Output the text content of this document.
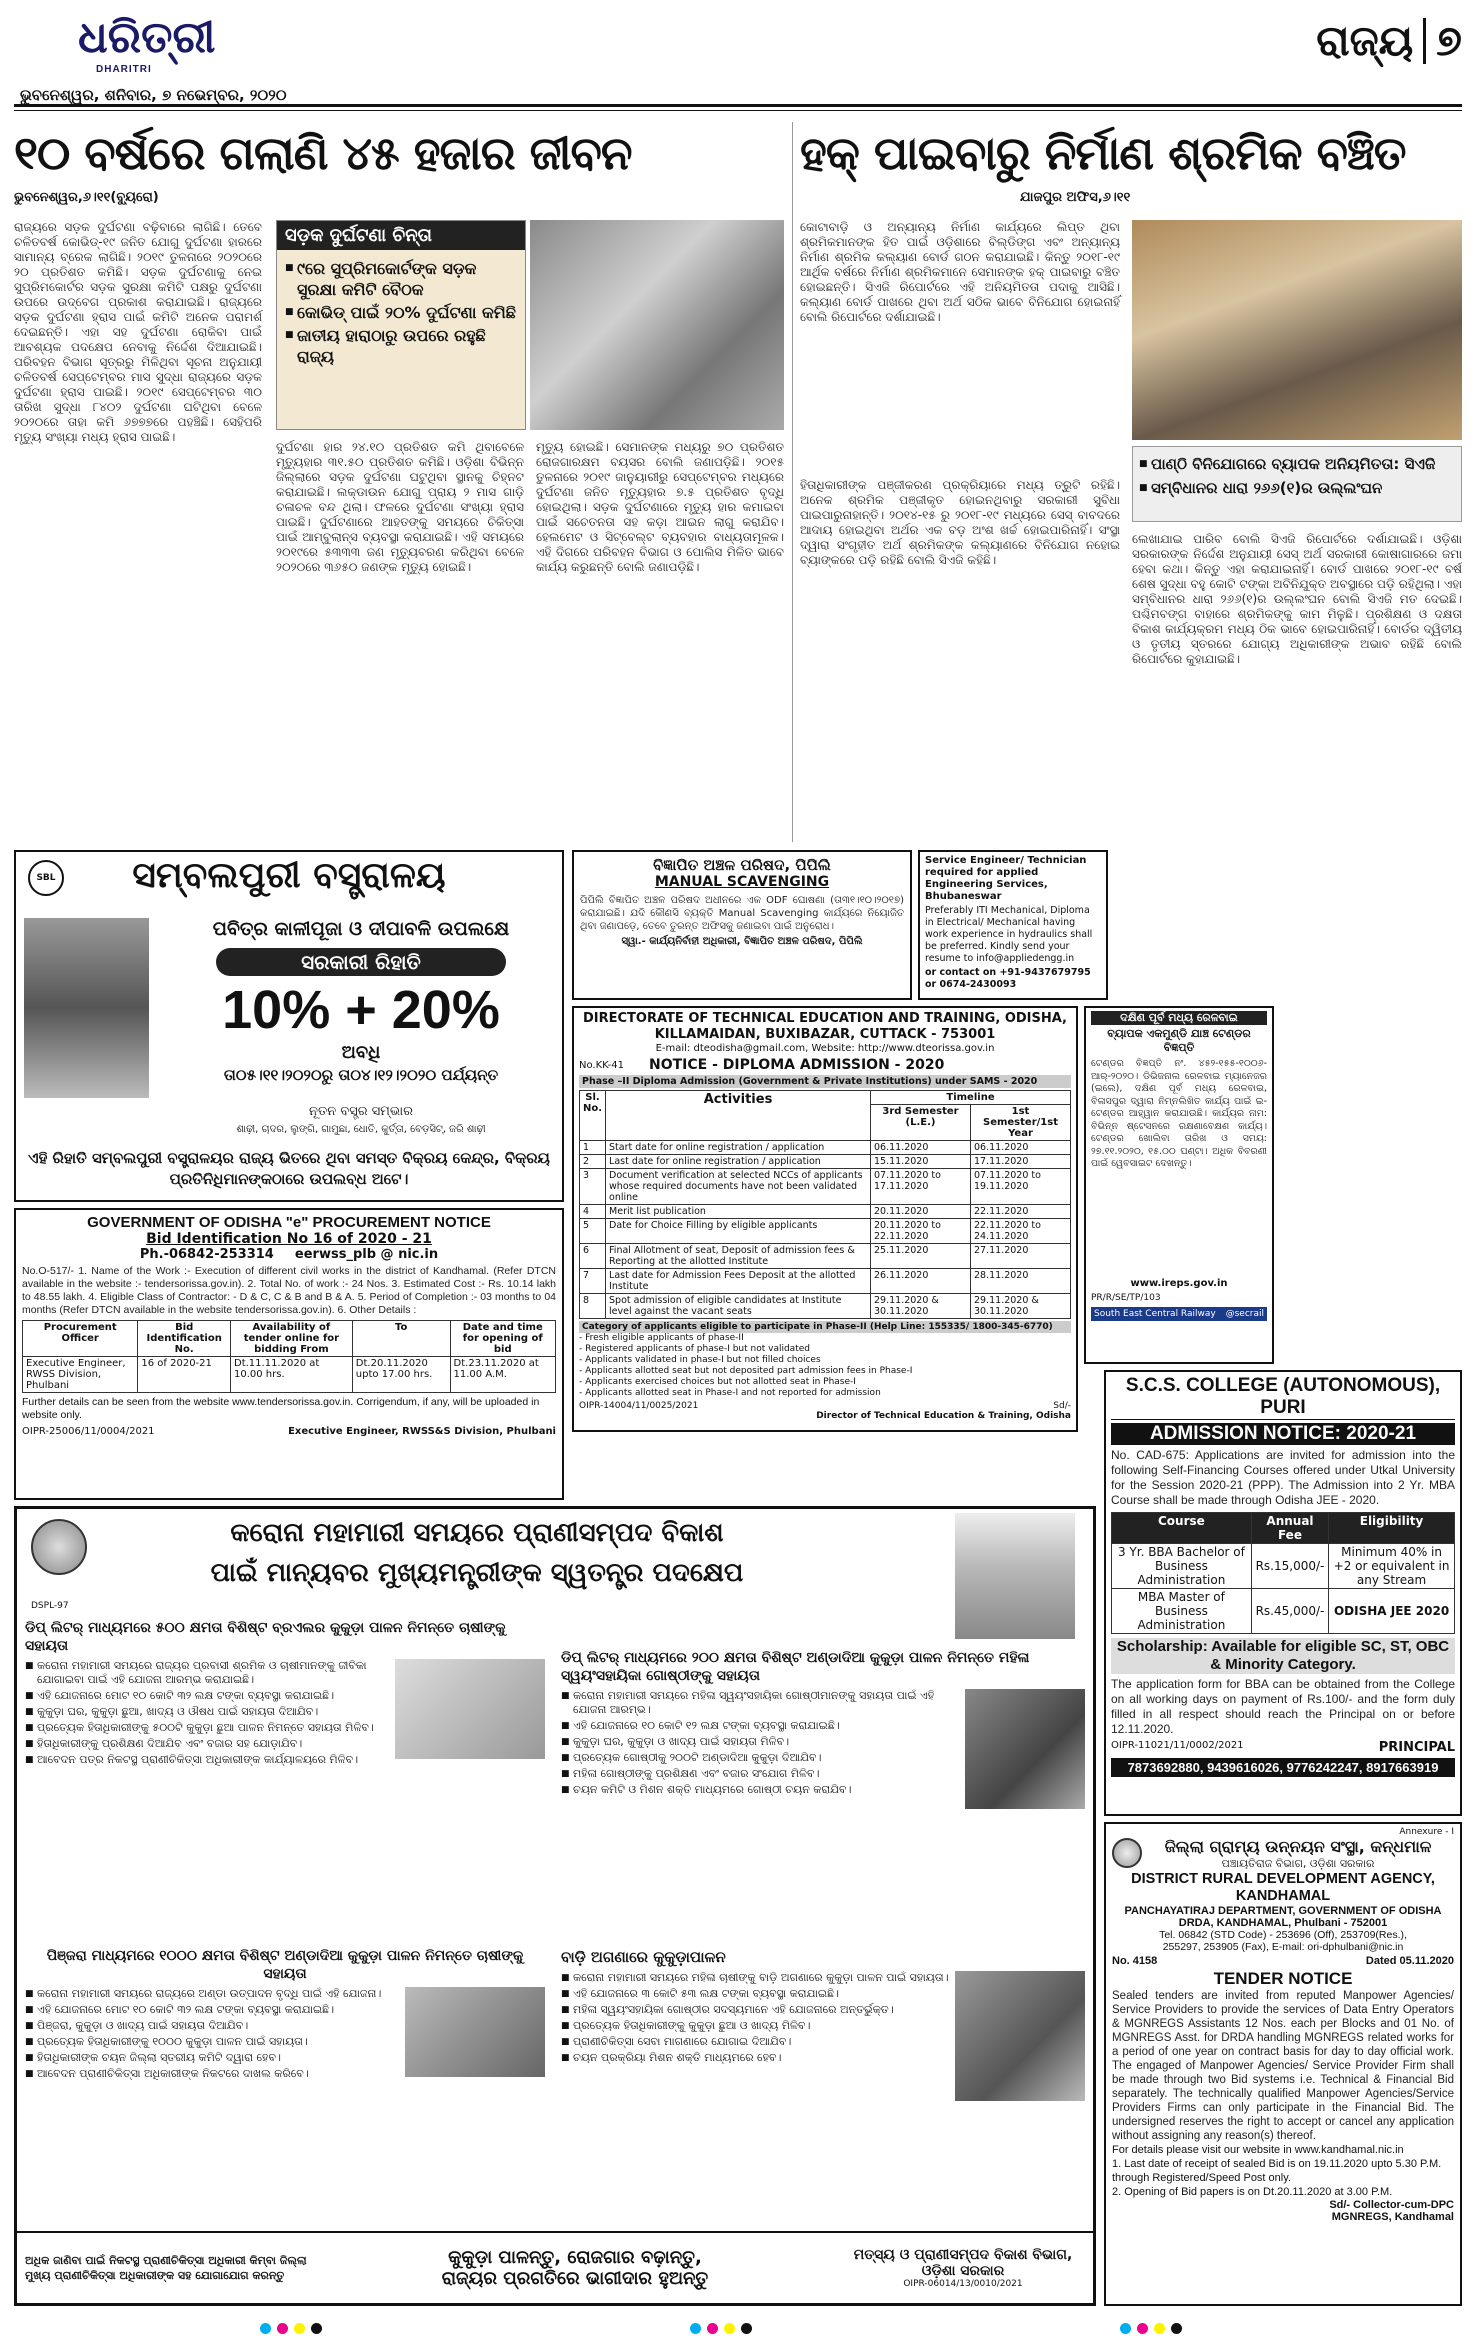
ଧରିତ୍ରୀ
DHARITRI
ଭୁବନେଶ୍ୱର, ଶନିବାର, ୭ ନଭେମ୍ବର, ୨୦୨୦
ରାଜ୍ୟ ୭
୧୦ ବର୍ଷରେ ଗଲାଣି ୪୫ ହଜାର ଜୀବନ
ଭୁବନେଶ୍ୱର,୬।୧୧(ବ୍ୟୁରୋ)
ରାଜ୍ୟରେ ସଡ଼କ ଦୁର୍ଘଟଣା ବଢ଼ିବାରେ ଲାଗିଛି। ତେବେ ଚଳିତବର୍ଷ କୋଭିଡ୍-୧୯ ଜନିତ ଯୋଗୁ ଦୁର୍ଘଟଣା ହାରରେ ସାମାନ୍ୟ ବ୍ରେକ ଲାଗିଛି। ୨୦୧୯ ତୁଳନାରେ ୨୦୨୦ରେ ୨୦ ପ୍ରତିଶତ କମିଛି। ସଡ଼କ ଦୁର୍ଘଟଣାକୁ ନେଇ ସୁପ୍ରିମକୋର୍ଟର ସଡ଼କ ସୁରକ୍ଷା କମିଟି ପକ୍ଷରୁ ଦୁର୍ଘଟଣା ଉପରେ ଉଦ୍‌ବେଗ ପ୍ରକାଶ କରାଯାଇଛି। ରାଜ୍ୟରେ ସଡ଼କ ଦୁର୍ଘଟଣା ହ୍ରାସ ପାଇଁ କମିଟି ଅନେକ ପରାମର୍ଶ ଦେଇଛନ୍ତି। ଏହା ସହ ଦୁର୍ଘଟଣା ରୋକିବା ପାଇଁ ଆବଶ୍ୟକ ପଦକ୍ଷେପ ନେବାକୁ ନିର୍ଦ୍ଦେଶ ଦିଆଯାଇଛି। ପରିବହନ ବିଭାଗ ସୂତ୍ରରୁ ମିଳିଥିବା ସୂଚନା ଅନୁଯାୟୀ ଚଳିତବର୍ଷ ସେପ୍ଟେମ୍ବର ମାସ ସୁଦ୍ଧା ରାଜ୍ୟରେ ସଡ଼କ ଦୁର୍ଘଟଣା ହ୍ରାସ ପାଇଛି। ୨୦୧୯ ସେପ୍ଟେମ୍ବର ୩୦ ତାରିଖ ସୁଦ୍ଧା ୮୪୦୨ ଦୁର୍ଘଟଣା ଘଟିଥିବା ବେଳେ ୨୦୨୦ରେ ତାହା କମି ୬୭୭୭ରେ ପହଞ୍ଚିଛି। ସେହିପରି ମୃତ୍ୟୁ ସଂଖ୍ୟା ମଧ୍ୟ ହ୍ରାସ ପାଇଛି।
ସଡ଼କ ଦୁର୍ଘଟଣା ଚିନ୍ତା
■ ୯ରେ ସୁପ୍ରିମକୋର୍ଟଙ୍କ ସଡ଼କ ସୁରକ୍ଷା କମିଟି ବୈଠକ
■ କୋଭିଡ୍ ପାଇଁ ୨୦% ଦୁର୍ଘଟଣା କମିଛି
■ ଜାତୀୟ ହାରାଠାରୁ ଉପରେ ରହୁଛି ରାଜ୍ୟ
ଦୁର୍ଘଟଣା ହାର ୨୪.୧୦ ପ୍ରତିଶତ କମି ଥିବାବେଳେ ମୃତ୍ୟୁହାର ୩୧.୫୦ ପ୍ରତିଶତ କମିଛି। ଓଡ଼ିଶା ବିଭିନ୍ନ ଜିଲ୍ଲାରେ ସଡ଼କ ଦୁର୍ଘଟଣା ଘଟୁଥିବା ସ୍ଥାନକୁ ଚିହ୍ନଟ କରାଯାଇଛି। ଲକ୍‌ଡାଉନ ଯୋଗୁ ପ୍ରାୟ ୨ ମାସ ଗାଡ଼ି ଚଳାଚଳ ବନ୍ଦ ଥିଲା। ଫଳରେ ଦୁର୍ଘଟଣା ସଂଖ୍ୟା ହ୍ରାସ ପାଇଛି। ଦୁର୍ଘଟଣାରେ ଆହତଙ୍କୁ ସମୟରେ ଚିକିତ୍ସା ପାଇଁ ଆମ୍ବୁଲାନ୍ସ ବ୍ୟବସ୍ଥା କରାଯାଇଛି। ଏହି ସମୟରେ ୨୦୧୯ରେ ୫୩୩୩ ଜଣ ମୃତ୍ୟୁବରଣ କରିଥିବା ବେଳେ ୨୦୨୦ରେ ୩୬୫୦ ଜଣଙ୍କ ମୃତ୍ୟୁ ହୋଇଛି।
ମୃତ୍ୟୁ ହୋଇଛି। ସେମାନଙ୍କ ମଧ୍ୟରୁ ୭୦ ପ୍ରତିଶତ ରୋଜଗାରକ୍ଷମ ବୟସର ବୋଲି ଜଣାପଡ଼ିଛି। ୨୦୧୫ ତୁଳନାରେ ୨୦୧୯ ଜାନୁୟାରୀରୁ ସେପ୍ଟେମ୍ବର ମଧ୍ୟରେ ଦୁର୍ଘଟଣା ଜନିତ ମୃତ୍ୟୁହାର ୭.୫ ପ୍ରତିଶତ ବୃଦ୍ଧି ହୋଇଥିଲା। ସଡ଼କ ଦୁର୍ଘଟଣାରେ ମୃତ୍ୟୁ ହାର କମାଇବା ପାଇଁ ସଚେତନତା ସହ କଡ଼ା ଆଇନ ଲାଗୁ କରାଯିବ। ହେଲମେଟ ଓ ସିଟ୍‌ବେଲ୍ଟ ବ୍ୟବହାର ବାଧ୍ୟତାମୂଳକ। ଏହି ଦିଗରେ ପରିବହନ ବିଭାଗ ଓ ପୋଲିସ ମିଳିତ ଭାବେ କାର୍ଯ୍ୟ କରୁଛନ୍ତି ବୋଲି ଜଣାପଡ଼ିଛି।
ହକ୍ ପାଇବାରୁ ନିର୍ମାଣ ଶ୍ରମିକ ବଞ୍ଚିତ
ଯାଜପୁର ଅଫିସ,୬।୧୧
କୋଟାବାଡ଼ି ଓ ଅନ୍ୟାନ୍ୟ ନିର୍ମାଣ କାର୍ଯ୍ୟରେ ଲିପ୍ତ ଥିବା ଶ୍ରମିକମାନଙ୍କ ହିତ ପାଇଁ ଓଡ଼ିଶାରେ ବିଲ୍ଡିଙ୍ଗ ଏବଂ ଅନ୍ୟାନ୍ୟ ନିର୍ମାଣ ଶ୍ରମିକ କଲ୍ୟାଣ ବୋର୍ଡ ଗଠନ କରାଯାଇଛି। କିନ୍ତୁ ୨୦୧୮-୧୯ ଆର୍ଥିକ ବର୍ଷରେ ନିର୍ମାଣ ଶ୍ରମିକମାନେ ସେମାନଙ୍କ ହକ୍ ପାଇବାରୁ ବଞ୍ଚିତ ହୋଇଛନ୍ତି। ସିଏଜି ରିପୋର୍ଟରେ ଏହି ଅନିୟମିତତା ପଦାକୁ ଆସିଛି। କଲ୍ୟାଣ ବୋର୍ଡ ପାଖରେ ଥିବା ଅର୍ଥ ସଠିକ ଭାବେ ବିନିଯୋଗ ହୋଇନାହିଁ ବୋଲି ରିପୋର୍ଟରେ ଦର୍ଶାଯାଇଛି।
■ ପାଣ୍ଠି ବିନିଯୋଗରେ ବ୍ୟାପକ ଅନିୟମିତତା: ସିଏଜି
■ ସମ୍ବିଧାନର ଧାରା ୨୬୬(୧)ର ଉଲ୍ଲଂଘନ
ହିତାଧିକାରୀଙ୍କ ପଞ୍ଜୀକରଣ ପ୍ରକ୍ରିୟାରେ ମଧ୍ୟ ତ୍ରୁଟି ରହିଛି। ଅନେକ ଶ୍ରମିକ ପଞ୍ଜୀକୃତ ହୋଇନଥିବାରୁ ସରକାରୀ ସୁବିଧା ପାଇପାରୁନାହାନ୍ତି। ୨୦୧୪-୧୫ ରୁ ୨୦୧୮-୧୯ ମଧ୍ୟରେ ସେସ୍ ବାବଦରେ ଆଦାୟ ହୋଇଥିବା ଅର୍ଥର ଏକ ବଡ଼ ଅଂଶ ଖର୍ଚ୍ଚ ହୋଇପାରିନାହିଁ। ସଂସ୍ଥା ଦ୍ୱାରା ସଂଗୃହୀତ ଅର୍ଥ ଶ୍ରମିକଙ୍କ କଲ୍ୟାଣରେ ବିନିଯୋଗ ନହୋଇ ବ୍ୟାଙ୍କରେ ପଡ଼ି ରହିଛି ବୋଲି ସିଏଜି କହିଛି।
ଲେଖାଯାଇ ପାରିବ ବୋଲି ସିଏଜି ରିପୋର୍ଟରେ ଦର୍ଶାଯାଇଛି। ଓଡ଼ିଶା ସରକାରଙ୍କ ନିର୍ଦ୍ଦେଶ ଅନୁଯାୟୀ ସେସ୍ ଅର୍ଥ ସରକାରୀ କୋଷାଗାରରେ ଜମା ହେବା କଥା। କିନ୍ତୁ ଏହା କରାଯାଇନାହିଁ। ବୋର୍ଡ ପାଖରେ ୨୦୧୮-୧୯ ବର୍ଷ ଶେଷ ସୁଦ୍ଧା ବହୁ କୋଟି ଟଙ୍କା ଅବିନିଯୁକ୍ତ ଅବସ୍ଥାରେ ପଡ଼ି ରହିଥିଲା। ଏହା ସମ୍ବିଧାନର ଧାରା ୨୬୬(୧)ର ଉଲ୍ଲଂଘନ ବୋଲି ସିଏଜି ମତ ଦେଇଛି। ପଶ୍ଚିମବଙ୍ଗ ବାହାରେ ଶ୍ରମିକଙ୍କୁ କାମ ମିଳୁଛି। ପ୍ରଶିକ୍ଷଣ ଓ ଦକ୍ଷତା ବିକାଶ କାର୍ଯ୍ୟକ୍ରମ ମଧ୍ୟ ଠିକ ଭାବେ ହୋଇପାରିନାହିଁ। ବୋର୍ଡର ଦ୍ୱିତୀୟ ଓ ତୃତୀୟ ସ୍ତରରେ ଯୋଗ୍ୟ ଅଧିକାରୀଙ୍କ ଅଭାବ ରହିଛି ବୋଲି ରିପୋର୍ଟରେ କୁହାଯାଇଛି।
SBL	ସମ୍ବଲପୁରୀ ବସ୍ତ୍ରାଳୟ
ପବିତ୍ର କାଳୀପୂଜା ଓ ଦୀପାବଳି ଉପଲକ୍ଷେ
ସରକାରୀ ରିହାତି
10% + 20%
ଅବଧି
ତା୦୫।୧୧।୨୦୨୦ରୁ ତା୦୪।୧୨।୨୦୨୦ ପର୍ଯ୍ୟନ୍ତ
ନୂତନ ବସ୍ତ୍ର ସମ୍ଭାର
ଶାଢ଼ୀ, ଚାଦର, ଲୁଙ୍ଗି, ଗାମୁଛା, ଧୋତି, କୁର୍ତ୍ତା, ବେଡ଼ସିଟ୍, ଜରି ଶାଢ଼ୀ
ଏହି ରିହାତି ସମ୍ବଲପୁରୀ ବସ୍ତ୍ରାଳୟର ରାଜ୍ୟ ଭିତରେ ଥିବା ସମସ୍ତ ବିକ୍ରୟ କେନ୍ଦ୍ର, ବିକ୍ରୟ ପ୍ରତିନିଧିମାନଙ୍କଠାରେ ଉପଲବ୍ଧ ଅଟେ।
ବିଜ୍ଞାପିତ ଅଞ୍ଚଳ ପରିଷଦ, ପିପିଲି
MANUAL SCAVENGING
ପିପିଲି ବିଜ୍ଞାପିତ ଅଞ୍ଚଳ ପରିଷଦ ଅଧୀନରେ ଏକ ODF ଘୋଷଣା (ତା୩୧।୧୦।୨୦୧୭) କରାଯାଇଛି। ଯଦି କୌଣସି ବ୍ୟକ୍ତି Manual Scavenging କାର୍ଯ୍ୟରେ ନିୟୋଜିତ ଥିବା ଜଣାପଡ଼େ, ତେବେ ତୁରନ୍ତ ଅଫିସକୁ ଜଣାଇବା ପାଇଁ ଅନୁରୋଧ।
ସ୍ୱା.- କାର୍ଯ୍ୟନିର୍ବାହୀ ଅଧିକାରୀ, ବିଜ୍ଞାପିତ ଅଞ୍ଚଳ ପରିଷଦ, ପିପିଲି
Service Engineer/ Technician required for applied Engineering Services, Bhubaneswar
Preferably ITI Mechanical, Diploma in Electrical/ Mechanical having work experience in hydraulics shall be preferred. Kindly send your resume to info@appliedengg.in
or contact on +91-9437679795 or 0674-2430093
DIRECTORATE OF TECHNICAL EDUCATION AND TRAINING, ODISHA, KILLAMAIDAN, BUXIBAZAR, CUTTACK - 753001
E-mail: dteodisha@gmail.com, Website: http://www.dteorissa.gov.in
No.KK-41	NOTICE - DIPLOMA ADMISSION - 2020
Phase –II Diploma Admission (Government & Private Institutions) under SAMS - 2020
Sl. No.	Activities	Timeline	
		3rd Semester (L.E.)	1st Semester/1st Year
1	Start date for online registration / application	06.11.2020	06.11.2020
2	Last date for online registration / application	15.11.2020	17.11.2020
3	Document verification at selected NCCs of applicants whose required documents have not been validated online	07.11.2020 to 17.11.2020	07.11.2020 to 19.11.2020
4	Merit list publication	20.11.2020	22.11.2020
5	Date for Choice Filling by eligible applicants	20.11.2020 to 22.11.2020	22.11.2020 to 24.11.2020
6	Final Allotment of seat, Deposit of admission fees & Reporting at the allotted Institute	25.11.2020	27.11.2020
7	Last date for Admission Fees Deposit at the allotted Institute	26.11.2020	28.11.2020
8	Spot admission of eligible candidates at Institute level against the vacant seats	29.11.2020 & 30.11.2020	29.11.2020 & 30.11.2020
Category of applicants eligible to participate in Phase-II (Help Line: 155335/ 1800-345-6770)
- Fresh eligible applicants of phase-II
- Registered applicants of phase-I but not validated
- Applicants validated in phase-I but not filled choices
- Applicants allotted seat but not deposited part admission fees in Phase-I
- Applicants exercised choices but not allotted seat in Phase-I
- Applicants allotted seat in Phase-I and not reported for admission
OIPR-14004/11/0025/2021	Sd/-
Director of Technical Education & Training, Odisha
ଦକ୍ଷିଣ ପୂର୍ବ ମଧ୍ୟ ରେଳବାଇ
ବ୍ୟାପକ ଏକମୁଣ୍ଡି ଯାଞ୍ଚ ଟେଣ୍ଡର ବିଜ୍ଞପ୍ତି
ଟେଣ୍ଡର ବିଜ୍ଞପ୍ତି ନଂ. ୪୫୨-୧୫୫-୧୦୦୬-ଆର୍-୨୦୨୦। ଡିଭିଜନାଲ ରେଳବାଇ ମ୍ୟାନେଜର (ଇଲେ), ଦକ୍ଷିଣ ପୂର୍ବ ମଧ୍ୟ ରେଳବାଇ, ବିଳାସପୁର ଦ୍ୱାରା ନିମ୍ନଲିଖିତ କାର୍ଯ୍ୟ ପାଇଁ ଇ-ଟେଣ୍ଡର ଆହ୍ୱାନ କରାଯାଉଛି। କାର୍ଯ୍ୟର ନାମ: ବିଭିନ୍ନ ଷ୍ଟେସନରେ ରକ୍ଷଣାବେକ୍ଷଣ କାର୍ଯ୍ୟ। ଟେଣ୍ଡର ଖୋଲିବା ତାରିଖ ଓ ସମୟ: ୨୭.୧୧.୨୦୨୦, ୧୫.୦୦ ଘଣ୍ଟା। ଅଧିକ ବିବରଣୀ ପାଇଁ ୱେବସାଇଟ ଦେଖନ୍ତୁ।
www.ireps.gov.in
PR/R/SE/TP/103
South East Central Railway @secrail
GOVERNMENT OF ODISHA "e" PROCUREMENT NOTICE
Bid Identification No 16 of 2020 - 21
Ph.-06842-253314 eerwss_plb @ nic.in
No.O-517/- 1. Name of the Work :- Execution of different civil works in the district of Kandhamal. (Refer DTCN available in the website :- tendersorissa.gov.in). 2. Total No. of work :- 24 Nos. 3. Estimated Cost :- Rs. 10.14 lakh to 48.55 lakh. 4. Eligible Class of Contractor: - D & C, C & B and B & A. 5. Period of Completion :- 03 months to 04 months (Refer DTCN available in the website tendersorissa.gov.in). 6. Other Details :
Procurement Officer	Bid Identification No.	Availability of tender online for bidding From	To	Date and time for opening of bid
Executive Engineer, RWSS Division, Phulbani	16 of 2020-21	Dt.11.11.2020 at 10.00 hrs.	Dt.20.11.2020 upto 17.00 hrs.	Dt.23.11.2020 at 11.00 A.M.
Further details can be seen from the website www.tendersorissa.gov.in. Corrigendum, if any, will be uploaded in website only.
OIPR-25006/11/0004/2021	Executive Engineer, RWSS&S Division, Phulbani
S.C.S. COLLEGE (AUTONOMOUS), PURI
ADMISSION NOTICE: 2020-21
No. CAD-675: Applications are invited for admission into the following Self-Financing Courses offered under Utkal University for the Session 2020-21 (PPP). The Admission into 2 Yr. MBA Course shall be made through Odisha JEE - 2020.
Course	Annual Fee	Eligibility
3 Yr. BBA Bachelor of Business Administration	Rs.15,000/-	Minimum 40% in +2 or equivalent in any Stream
MBA Master of Business Administration	Rs.45,000/-	ODISHA JEE 2020
Scholarship: Available for eligible SC, ST, OBC & Minority Category.
The application form for BBA can be obtained from the College on all working days on payment of Rs.100/- and the form duly filled in all respect should reach the Principal on or before 12.11.2020.
OIPR-11021/11/0002/2021	PRINCIPAL
7873692880, 9439616026, 9776242247, 8917663919
କରୋନା ମହାମାରୀ ସମୟରେ ପ୍ରାଣୀସମ୍ପଦ ବିକାଶ
ପାଇଁ ମାନ୍ୟବର ମୁଖ୍ୟମନ୍ତ୍ରୀଙ୍କ ସ୍ୱତନ୍ତ୍ର ପଦକ୍ଷେପ
DSPL-97
ଡିପ୍ ଲିଟର୍ ମାଧ୍ୟମରେ ୫୦୦ କ୍ଷମତା ବିଶିଷ୍ଟ ବ୍ରଏଲର କୁକୁଡ଼ା ପାଳନ ନିମନ୍ତେ ଚାଷୀଙ୍କୁ ସହାୟତା
■ କରୋନା ମହାମାରୀ ସମୟରେ ରାଜ୍ୟର ପ୍ରବାସୀ ଶ୍ରମିକ ଓ ଚାଷୀମାନଙ୍କୁ ଜୀବିକା ଯୋଗାଇବା ପାଇଁ ଏହି ଯୋଜନା ଆରମ୍ଭ କରାଯାଇଛି।
■ ଏହି ଯୋଜନାରେ ମୋଟ ୧୦ କୋଟି ୩୨ ଲକ୍ଷ ଟଙ୍କା ବ୍ୟବସ୍ଥା କରାଯାଇଛି।
■ କୁକୁଡ଼ା ଘର, କୁକୁଡ଼ା ଛୁଆ, ଖାଦ୍ୟ ଓ ଔଷଧ ପାଇଁ ସହାୟତା ଦିଆଯିବ।
■ ପ୍ରତ୍ୟେକ ହିତାଧିକାରୀଙ୍କୁ ୫୦୦ଟି କୁକୁଡ଼ା ଛୁଆ ପାଳନ ନିମନ୍ତେ ସହାୟତା ମିଳିବ।
■ ହିତାଧିକାରୀଙ୍କୁ ପ୍ରଶିକ୍ଷଣ ଦିଆଯିବ ଏବଂ ବଜାର ସହ ଯୋଡ଼ାଯିବ।
■ ଆବେଦନ ପତ୍ର ନିକଟସ୍ଥ ପ୍ରାଣୀଚିକିତ୍ସା ଅଧିକାରୀଙ୍କ କାର୍ଯ୍ୟାଳୟରେ ମିଳିବ।
ଡିପ୍ ଲିଟର୍ ମାଧ୍ୟମରେ ୨୦୦ କ୍ଷମତା ବିଶିଷ୍ଟ ଅଣ୍ଡାଦିଆ କୁକୁଡ଼ା ପାଳନ ନିମନ୍ତେ ମହିଳା ସ୍ୱୟଂସହାୟିକା ଗୋଷ୍ଠୀଙ୍କୁ ସହାୟତା
■ କରୋନା ମହାମାରୀ ସମୟରେ ମହିଳା ସ୍ୱୟଂସହାୟିକା ଗୋଷ୍ଠୀମାନଙ୍କୁ ସହାୟତା ପାଇଁ ଏହି ଯୋଜନା ଆରମ୍ଭ।
■ ଏହି ଯୋଜନାରେ ୧୦ କୋଟି ୧୨ ଲକ୍ଷ ଟଙ୍କା ବ୍ୟବସ୍ଥା କରାଯାଇଛି।
■ କୁକୁଡ଼ା ଘର, କୁକୁଡ଼ା ଓ ଖାଦ୍ୟ ପାଇଁ ସହାୟତା ମିଳିବ।
■ ପ୍ରତ୍ୟେକ ଗୋଷ୍ଠୀକୁ ୨୦୦ଟି ଅଣ୍ଡାଦିଆ କୁକୁଡ଼ା ଦିଆଯିବ।
■ ମହିଳା ଗୋଷ୍ଠୀଙ୍କୁ ପ୍ରଶିକ୍ଷଣ ଏବଂ ବଜାର ସଂଯୋଗ ମିଳିବ।
■ ଚୟନ କମିଟି ଓ ମିଶନ ଶକ୍ତି ମାଧ୍ୟମରେ ଗୋଷ୍ଠୀ ଚୟନ କରାଯିବ।
ପିଞ୍ଜରା ମାଧ୍ୟମରେ ୧୦୦୦ କ୍ଷମତା ବିଶିଷ୍ଟ ଅଣ୍ଡାଦିଆ କୁକୁଡ଼ା ପାଳନ ନିମନ୍ତେ ଚାଷୀଙ୍କୁ ସହାୟତା
■ କରୋନା ମହାମାରୀ ସମୟରେ ରାଜ୍ୟରେ ଅଣ୍ଡା ଉତ୍ପାଦନ ବୃଦ୍ଧି ପାଇଁ ଏହି ଯୋଜନା।
■ ଏହି ଯୋଜନାରେ ମୋଟ ୧୦ କୋଟି ୩୨ ଲକ୍ଷ ଟଙ୍କା ବ୍ୟବସ୍ଥା କରାଯାଇଛି।
■ ପିଞ୍ଜରା, କୁକୁଡ଼ା ଓ ଖାଦ୍ୟ ପାଇଁ ସହାୟତା ଦିଆଯିବ।
■ ପ୍ରତ୍ୟେକ ହିତାଧିକାରୀଙ୍କୁ ୧୦୦୦ କୁକୁଡ଼ା ପାଳନ ପାଇଁ ସହାୟତା।
■ ହିତାଧିକାରୀଙ୍କ ଚୟନ ଜିଲ୍ଲା ସ୍ତରୀୟ କମିଟି ଦ୍ୱାରା ହେବ।
■ ଆବେଦନ ପ୍ରାଣୀଚିକିତ୍ସା ଅଧିକାରୀଙ୍କ ନିକଟରେ ଦାଖଲ କରିବେ।
ବାଡ଼ି ଅଗଣାରେ କୁକୁଡ଼ାପାଳନ
■ କରୋନା ମହାମାରୀ ସମୟରେ ମହିଳା ଚାଷୀଙ୍କୁ ବାଡ଼ି ଅଗଣାରେ କୁକୁଡ଼ା ପାଳନ ପାଇଁ ସହାୟତା।
■ ଏହି ଯୋଜନାରେ ୩ କୋଟି ୫୩ ଲକ୍ଷ ଟଙ୍କା ବ୍ୟବସ୍ଥା କରାଯାଇଛି।
■ ମହିଳା ସ୍ୱୟଂସହାୟିକା ଗୋଷ୍ଠୀର ସଦସ୍ୟମାନେ ଏହି ଯୋଜନାରେ ଅନ୍ତର୍ଭୁକ୍ତ।
■ ପ୍ରତ୍ୟେକ ହିତାଧିକାରୀଙ୍କୁ କୁକୁଡ଼ା ଛୁଆ ଓ ଖାଦ୍ୟ ମିଳିବ।
■ ପ୍ରାଣୀଚିକିତ୍ସା ସେବା ମାଗଣାରେ ଯୋଗାଇ ଦିଆଯିବ।
■ ଚୟନ ପ୍ରକ୍ରିୟା ମିଶନ ଶକ୍ତି ମାଧ୍ୟମରେ ହେବ।
ଅଧିକ ଜାଣିବା ପାଇଁ ନିକଟସ୍ଥ ପ୍ରାଣୀଚିକିତ୍ସା ଅଧିକାରୀ କିମ୍ବା ଜିଲ୍ଲା ମୁଖ୍ୟ ପ୍ରାଣୀଚିକିତ୍ସା ଅଧିକାରୀଙ୍କ ସହ ଯୋଗାଯୋଗ କରନ୍ତୁ
କୁକୁଡ଼ା ପାଳନ୍ତୁ, ରୋଜଗାର ବଢ଼ାନ୍ତୁ,
ରାଜ୍ୟର ପ୍ରଗତିରେ ଭାଗୀଦାର ହୁଅନ୍ତୁ
ମତ୍ସ୍ୟ ଓ ପ୍ରାଣୀସମ୍ପଦ ବିକାଶ ବିଭାଗ,
ଓଡ଼ିଶା ସରକାର
OIPR-06014/13/0010/2021
Annexure - I
ଜିଲ୍ଲା ଗ୍ରାମ୍ୟ ଉନ୍ନୟନ ସଂସ୍ଥା, କନ୍ଧମାଳ
ପଞ୍ଚାୟତିରାଜ ବିଭାଗ, ଓଡ଼ିଶା ସରକାର
DISTRICT RURAL DEVELOPMENT AGENCY, KANDHAMAL
PANCHAYATIRAJ DEPARTMENT, GOVERNMENT OF ODISHA
DRDA, KANDHAMAL, Phulbani - 752001
Tel. 06842 (STD Code) - 253696 (Off), 253709(Res.),
255297, 253905 (Fax), E-mail: ori-dphulbani@nic.in
No. 4158	Dated 05.11.2020
TENDER NOTICE
Sealed tenders are invited from reputed Manpower Agencies/ Service Providers to provide the services of Data Entry Operators & MGNREGS Assistants 12 Nos. each per Blocks and 01 No. of MGNREGS Asst. for DRDA handling MGNREGS related works for a period of one year on contract basis for day to day official work. The engaged of Manpower Agencies/ Service Provider Firm shall be made through two Bid systems i.e. Technical & Financial Bid separately. The technically qualified Manpower Agencies/Service Providers Firms can only participate in the Financial Bid. The undersigned reserves the right to accept or cancel any application without assigning any reason(s) thereof.
For details please visit our website in www.kandhamal.nic.in
1. Last date of receipt of sealed Bid is on 19.11.2020 upto 5.30 P.M. through Registered/Speed Post only.
2. Opening of Bid papers is on Dt.20.11.2020 at 3.00 P.M.
Sd/- Collector-cum-DPC
MGNREGS, Kandhamal
